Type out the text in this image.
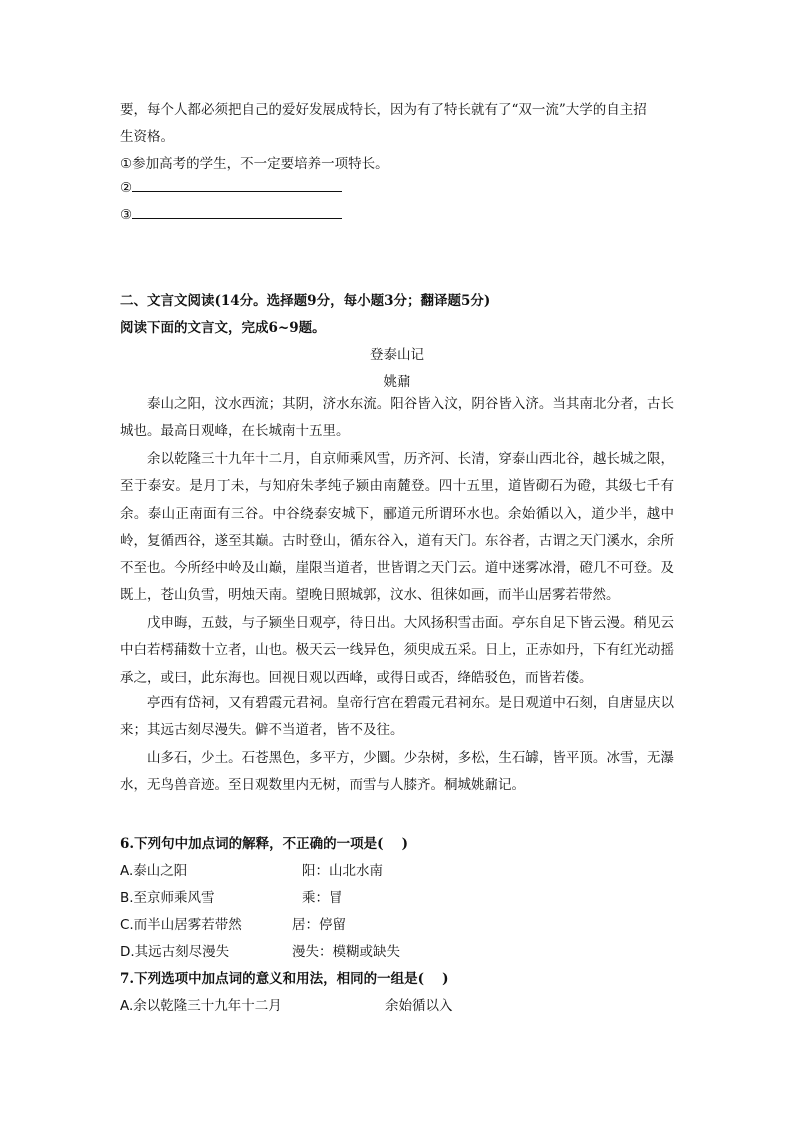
要，每个人都必须把自己的爱好发展成特长，因为有了特长就有了“双一流”大学的自主招
生资格。
①参加高考的学生，不一定要培养一项特长。
②
③
二、文言文阅读(14分。选择题9分，每小题3分；翻译题5分)
阅读下面的文言文，完成6~9题。
登泰山记
姚鼐

泰山之阳，汶水西流；其阴，济水东流。阳谷皆入汶，阴谷皆入济。当其南北分者，古长城也。最高日观峰，在长城南十五里。

余以乾隆三十九年十二月，自京师乘风雪，历齐河、长清，穿泰山西北谷，越长城之限，至于泰安。是月丁未，与知府朱孝纯子颍由南麓登。四十五里，道皆砌石为磴，其级七千有余。泰山正南面有三谷。中谷绕泰安城下，郦道元所谓环水也。余始循以入，道少半，越中岭，复循西谷，遂至其巅。古时登山，循东谷入，道有天门。东谷者，古谓之天门溪水，余所不至也。今所经中岭及山巅，崖限当道者，世皆谓之天门云。道中迷雾冰滑，磴几不可登。及既上，苍山负雪，明烛天南。望晚日照城郭，汶水、徂徕如画，而半山居雾若带然。

戊申晦，五鼓，与子颍坐日观亭，待日出。大风扬积雪击面。亭东自足下皆云漫。稍见云中白若樗蒱数十立者，山也。极天云一线异色，须臾成五采。日上，正赤如丹，下有红光动摇承之，或曰，此东海也。回视日观以西峰，或得日或否，绛皓驳色，而皆若偻。

亭西有岱祠，又有碧霞元君祠。皇帝行宫在碧霞元君祠东。是日观道中石刻，自唐显庆以来；其远古刻尽漫失。僻不当道者，皆不及往。

山多石，少土。石苍黑色，多平方，少圜。少杂树，多松，生石罅，皆平顶。冰雪，无瀑水，无鸟兽音迹。至日观数里内无树，而雪与人膝齐。桐城姚鼐记。

6.下列句中加点词的解释，不正确的一项是(　 )
A.泰山之阳	阳：山北水南
B.至京师乘风雪	乘：冒
C.而半山居雾若带然	居：停留
D.其远古刻尽漫失	漫失：模糊或缺失
7.下列选项中加点词的意义和用法，相同的一组是(　 )
A.余以乾隆三十九年十二月	余始循以入
